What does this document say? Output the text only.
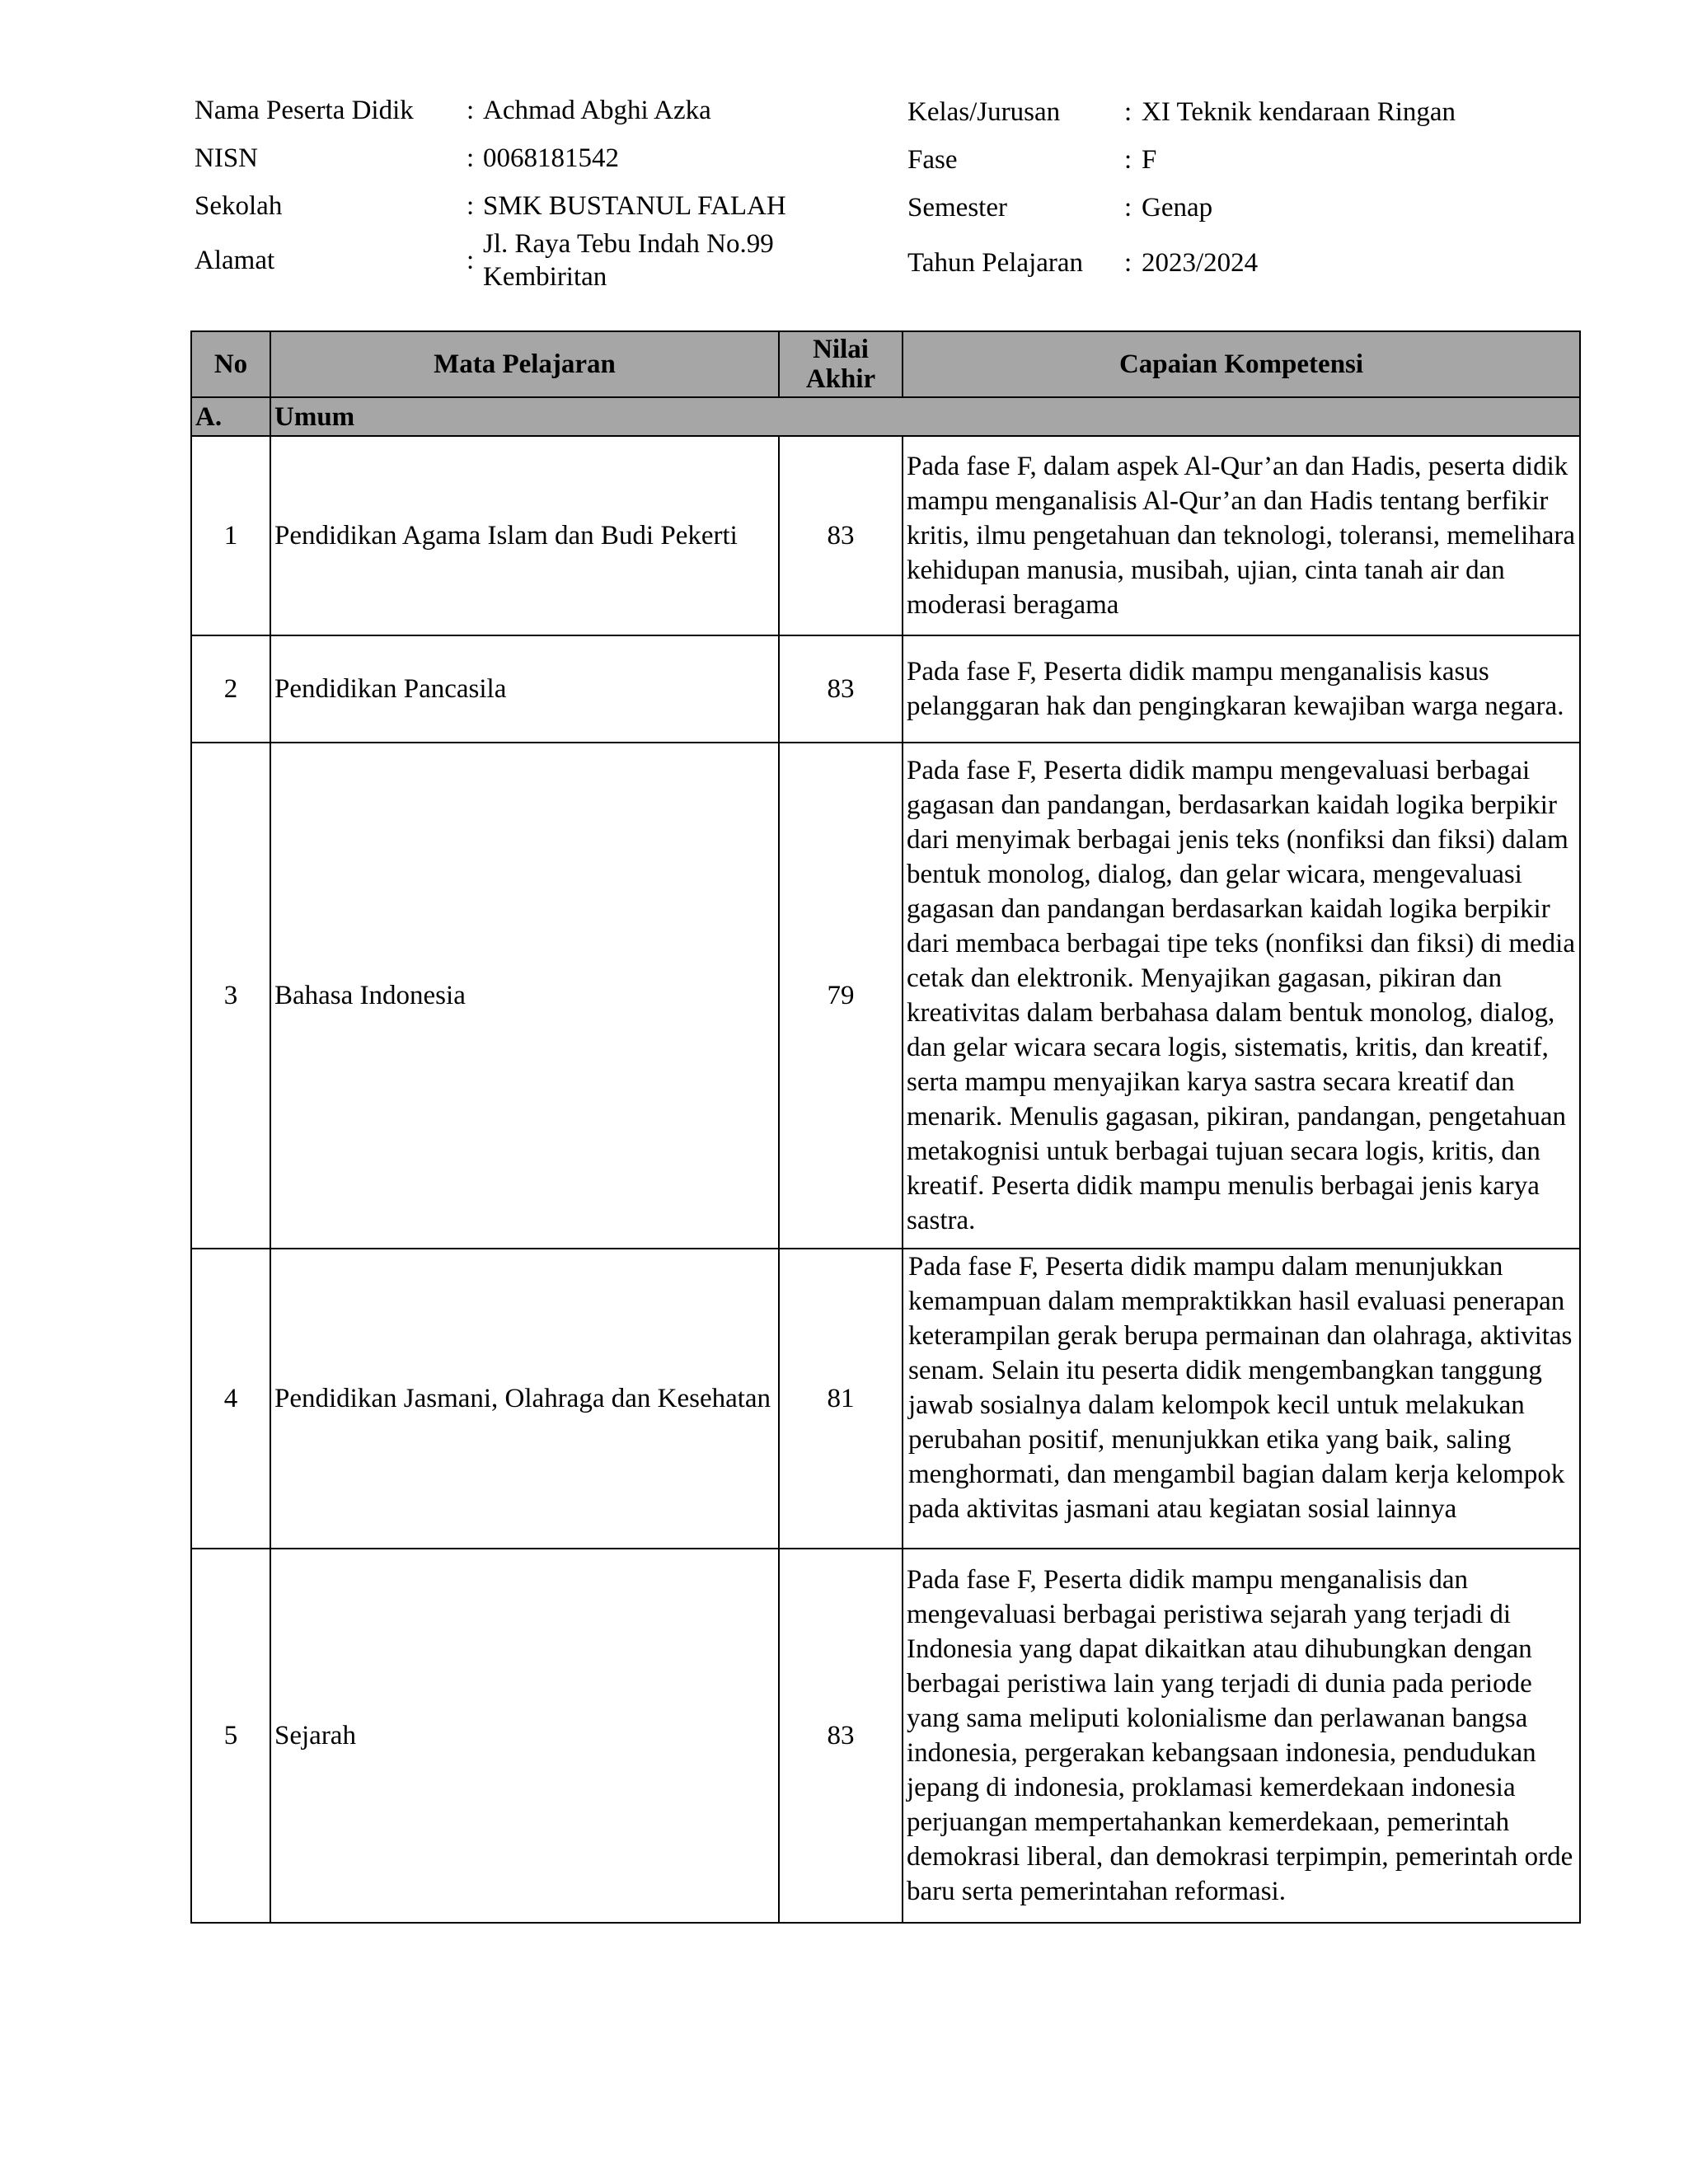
Nama Peserta Didik : Achmad Abghi Azka
NISN	: 0068181542
Sekolah	: SMK BUSTANUL FALAH
Alamat	:
Jl. Raya Tebu Indah No.99 Kembiritan
Kelas/Jurusan : XI Teknik kendaraan Ringan
Fase	: F
Semester	: Genap
Tahun Pelajaran : 2023/2024
No	Mata Pelajaran	Nilai Akhir	Capaian Kompetensi
A.	Umum		
1	Pendidikan Agama Islam dan Budi Pekerti	83	Pada fase F, dalam aspek Al-Qur’an dan Hadis, peserta didik mampu menganalisis Al-Qur’an dan Hadis tentang berfikir kritis, ilmu pengetahuan dan teknologi, toleransi, memelihara kehidupan manusia, musibah, ujian, cinta tanah air dan moderasi beragama
2	Pendidikan Pancasila	83	Pada fase F, Peserta didik mampu menganalisis kasus pelanggaran hak dan pengingkaran kewajiban warga negara.
3	Bahasa Indonesia	79	Pada fase F, Peserta didik mampu mengevaluasi berbagai gagasan dan pandangan, berdasarkan kaidah logika berpikir dari menyimak berbagai jenis teks (nonfiksi dan fiksi) dalam bentuk monolog, dialog, dan gelar wicara, mengevaluasi gagasan dan pandangan berdasarkan kaidah logika berpikir dari membaca berbagai tipe teks (nonfiksi dan fiksi) di media cetak dan elektronik. Menyajikan gagasan, pikiran dan kreativitas dalam berbahasa dalam bentuk monolog, dialog, dan gelar wicara secara logis, sistematis, kritis, dan kreatif, serta mampu menyajikan karya sastra secara kreatif dan menarik. Menulis gagasan, pikiran, pandangan, pengetahuan metakognisi untuk berbagai tujuan secara logis, kritis, dan kreatif. Peserta didik mampu menulis berbagai jenis karya sastra.
4	Pendidikan Jasmani, Olahraga dan Kesehatan	81	Pada fase F, Peserta didik mampu dalam menunjukkan kemampuan dalam mempraktikkan hasil evaluasi penerapan keterampilan gerak berupa permainan dan olahraga, aktivitas senam. Selain itu peserta didik mengembangkan tanggung jawab sosialnya dalam kelompok kecil untuk melakukan perubahan positif, menunjukkan etika yang baik, saling menghormati, dan mengambil bagian dalam kerja kelompok pada aktivitas jasmani atau kegiatan sosial lainnya

5	Sejarah	83	Pada fase F, Peserta didik mampu menganalisis dan mengevaluasi berbagai peristiwa sejarah yang terjadi di Indonesia yang dapat dikaitkan atau dihubungkan dengan berbagai peristiwa lain yang terjadi di dunia pada periode yang sama meliputi kolonialisme dan perlawanan bangsa indonesia, pergerakan kebangsaan indonesia, pendudukan jepang di indonesia, proklamasi kemerdekaan indonesia perjuangan mempertahankan kemerdekaan, pemerintah demokrasi liberal, dan demokrasi terpimpin, pemerintah orde baru serta pemerintahan reformasi.
